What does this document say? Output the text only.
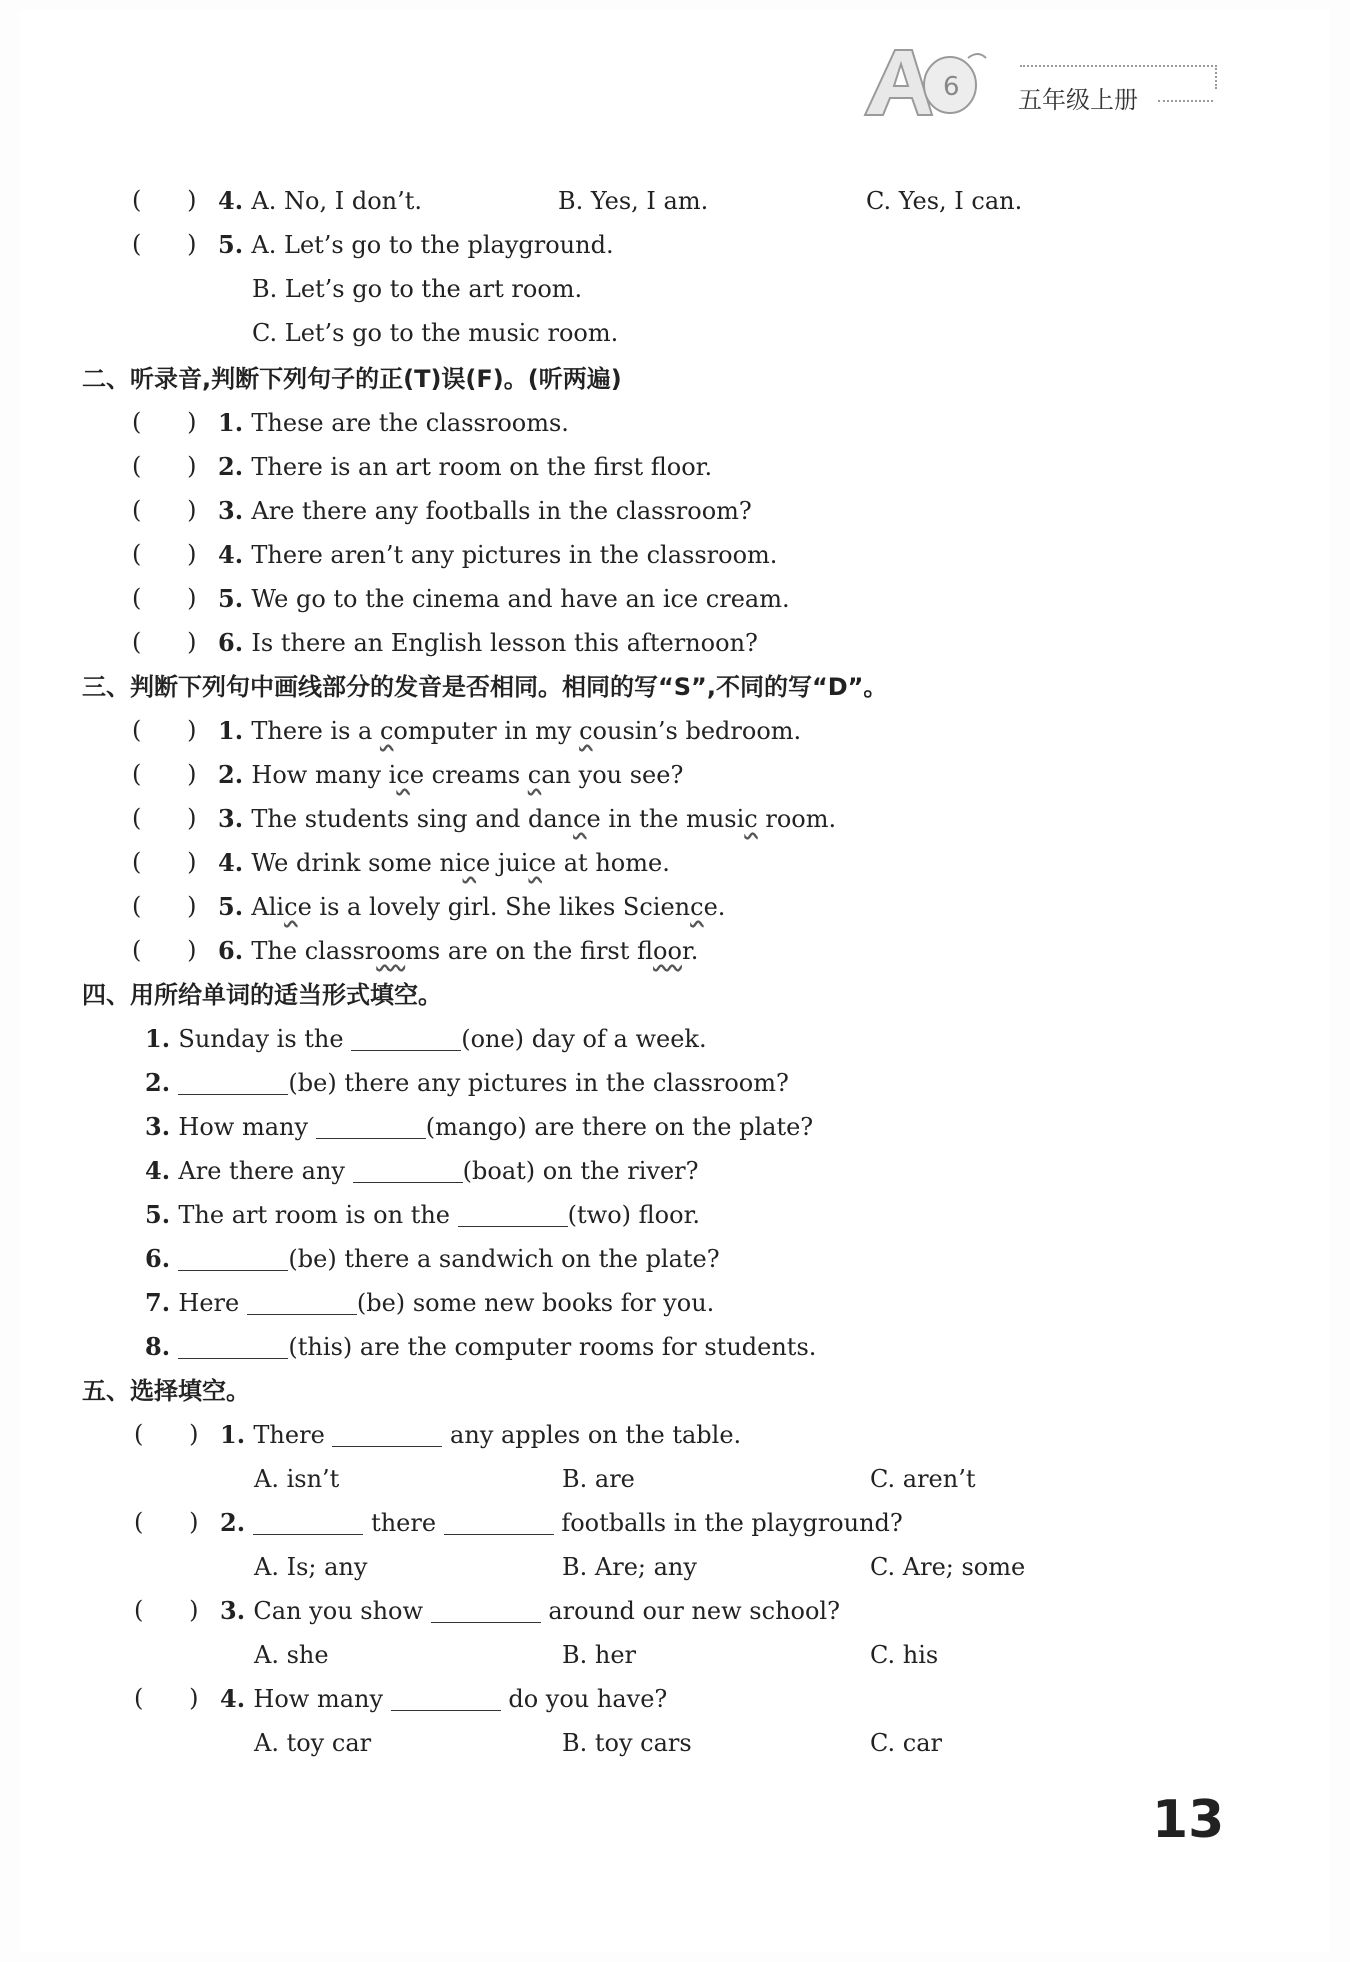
6 五年级上册
(      ) 4. A. No, I don’t.	B. Yes, I am.	C. Yes, I can.
(      ) 5. A. Let’s go to the playground.
B. Let’s go to the art room.
C. Let’s go to the music room.
二、听录音,判断下列句子的正(T)误(F)。(听两遍)
(      ) 1. These are the classrooms.
(      ) 2. There is an art room on the first floor.
(      ) 3. Are there any footballs in the classroom?
(      ) 4. There aren’t any pictures in the classroom.
(      ) 5. We go to the cinema and have an ice cream.
(      ) 6. Is there an English lesson this afternoon?
三、判断下列句中画线部分的发音是否相同。相同的写“S”,不同的写“D”。
(      ) 1. There is a computer in my cousin’s bedroom.
(      ) 2. How many ice creams can you see?
(      ) 3. The students sing and dance in the music room.
(      ) 4. We drink some nice juice at home.
(      ) 5. Alice is a lovely girl. She likes Science.
(      ) 6. The classrooms are on the first floor.
四、用所给单词的适当形式填空。
1. Sunday is the	(one) day of a week.
2.	(be) there any pictures in the classroom?
3. How many	(mango) are there on the plate?
4. Are there any	(boat) on the river?
5. The art room is on the	(two) floor.
6.	(be) there a sandwich on the plate?
7. Here	(be) some new books for you.
8.	(this) are the computer rooms for students.
五、选择填空。
(      ) 1. There	any apples on the table.
A. isn’t	B. are	C. aren’t
(      ) 2.	there	footballs in the playground?
A. Is; any	B. Are; any	C. Are; some
(      ) 3. Can you show	around our new school?
A. she	B. her	C. his
(      ) 4. How many	do you have?
A. toy car	B. toy cars	C. car
13
